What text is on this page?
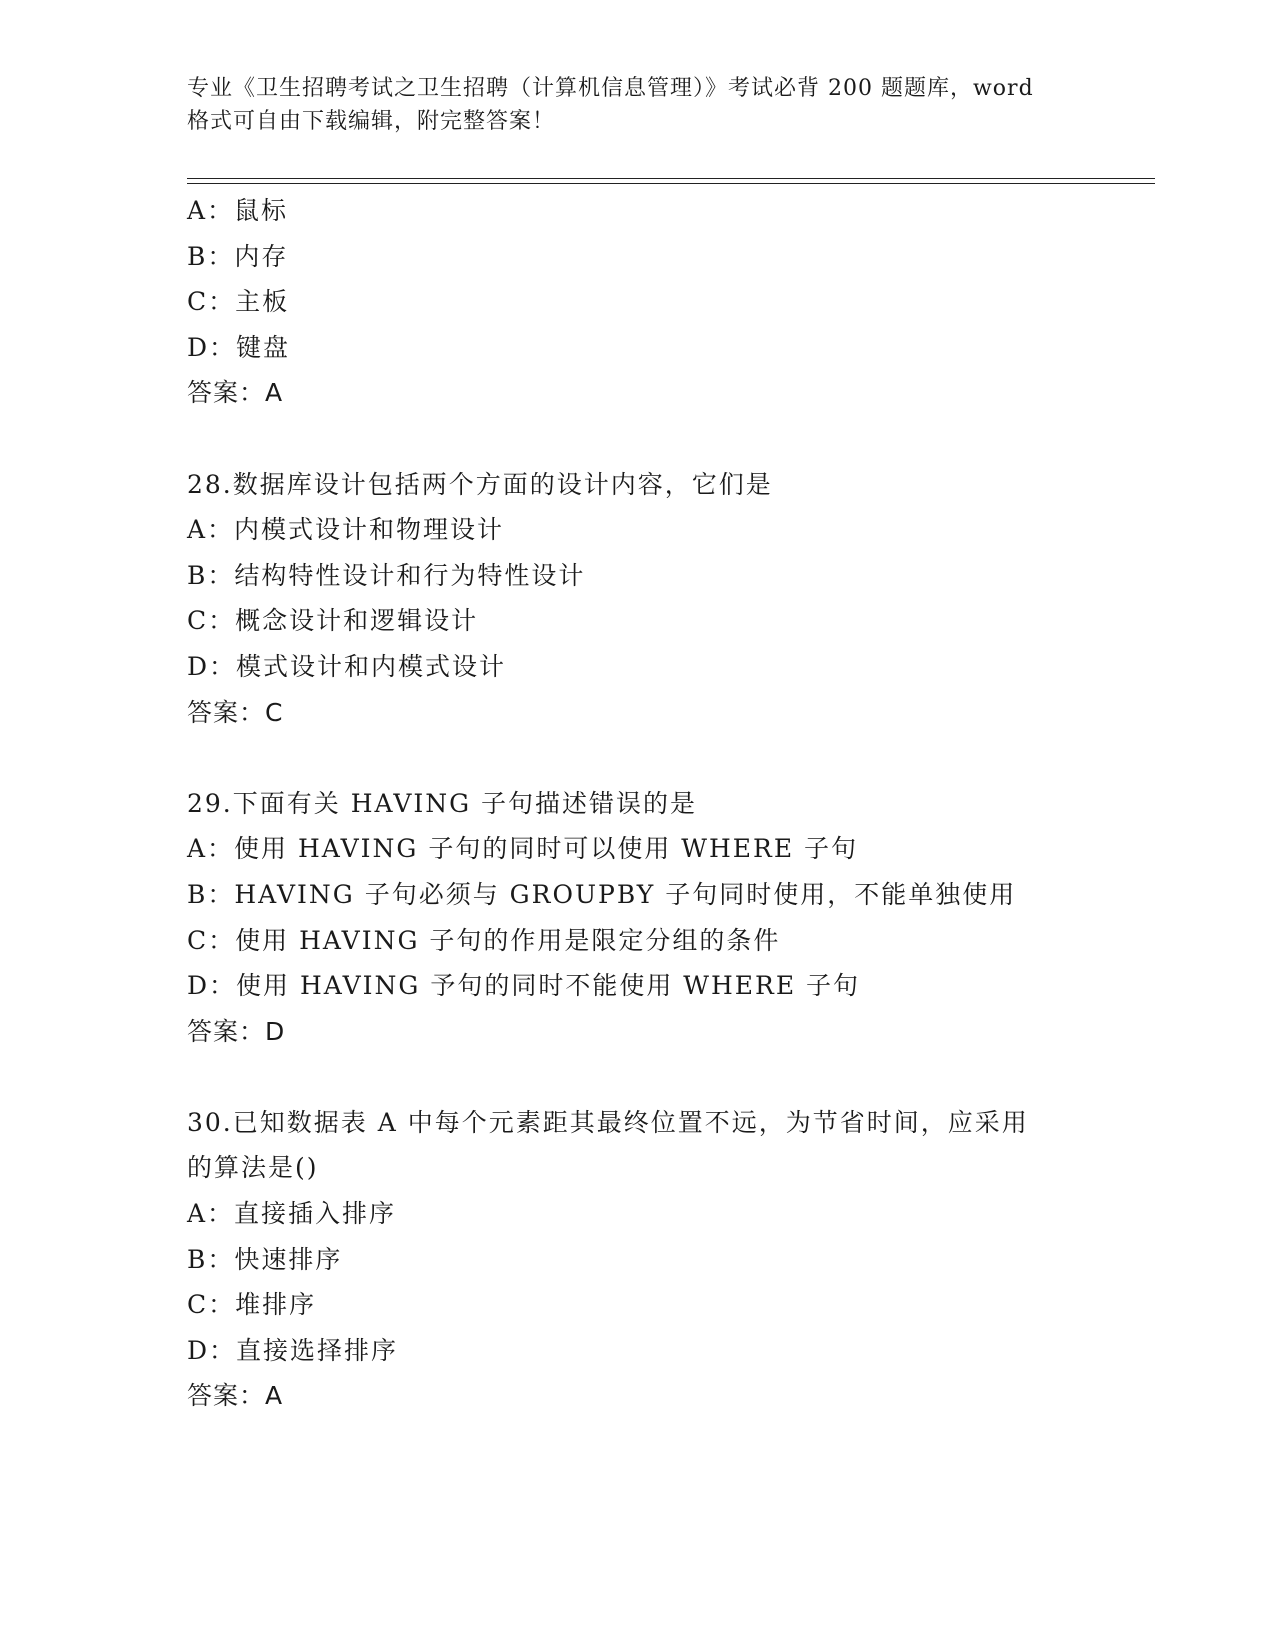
专业《卫生招聘考试之卫生招聘（计算机信息管理）》考试必背 200 题题库，word
格式可自由下载编辑，附完整答案！
A：鼠标
B：内存
C：主板
D：键盘
答案：A
28.数据库设计包括两个方面的设计内容，它们是
A：内模式设计和物理设计
B：结构特性设计和行为特性设计
C：概念设计和逻辑设计
D：模式设计和内模式设计
答案：C
29.下面有关 HAVING 子句描述错误的是
A：使用 HAVING 子句的同时可以使用 WHERE 子句
B：HAVING 子句必须与 GROUPBY 子句同时使用，不能单独使用
C：使用 HAVING 子句的作用是限定分组的条件
D：使用 HAVING 予句的同时不能使用 WHERE 子句
答案：D
30.已知数据表 A 中每个元素距其最终位置不远，为节省时间，应采用
的算法是()
A：直接插入排序
B：快速排序
C：堆排序
D：直接选择排序
答案：A
